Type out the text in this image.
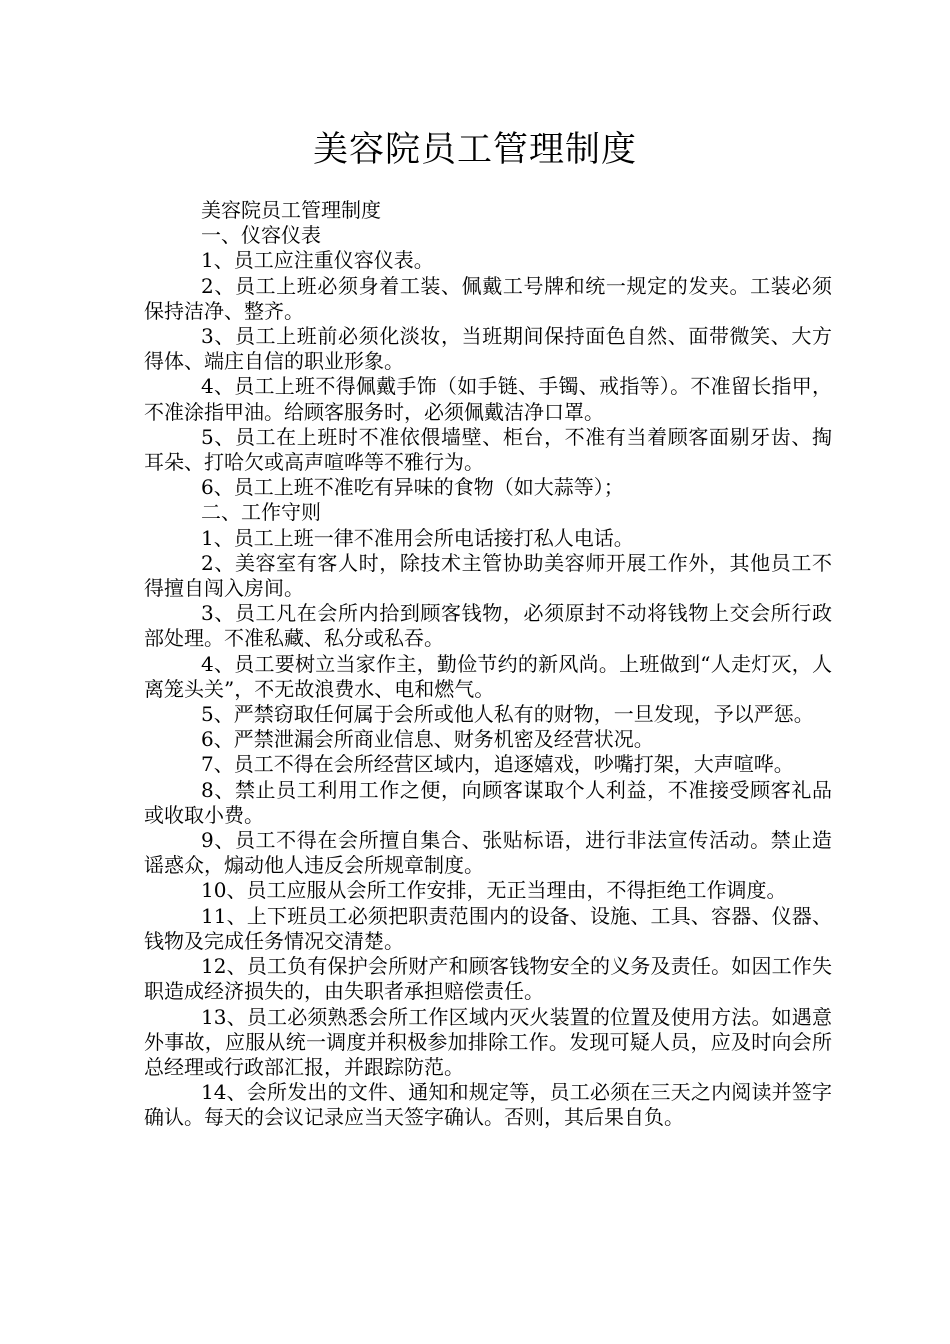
美容院员工管理制度

美容院员工管理制度

一、仪容仪表

1、员工应注重仪容仪表。

2、员工上班必须身着工装、佩戴工号牌和统一规定的发夹。工装必须保持洁净、整齐。

3、员工上班前必须化淡妆，当班期间保持面色自然、面带微笑、大方得体、端庄自信的职业形象。

4、员工上班不得佩戴手饰（如手链、手镯、戒指等）。不准留长指甲，不准涂指甲油。给顾客服务时，必须佩戴洁净口罩。

5、员工在上班时不准依偎墙壁、柜台，不准有当着顾客面剔牙齿、掏耳朵、打哈欠或高声喧哗等不雅行为。

6、员工上班不准吃有异味的食物（如大蒜等）；

二、工作守则

1、员工上班一律不准用会所电话接打私人电话。

2、美容室有客人时，除技术主管协助美容师开展工作外，其他员工不得擅自闯入房间。

3、员工凡在会所内拾到顾客钱物，必须原封不动将钱物上交会所行政部处理。不准私藏、私分或私吞。

4、员工要树立当家作主，勤俭节约的新风尚。上班做到“人走灯灭，人离笼头关”，不无故浪费水、电和燃气。

5、严禁窃取任何属于会所或他人私有的财物，一旦发现，予以严惩。

6、严禁泄漏会所商业信息、财务机密及经营状况。

7、员工不得在会所经营区域内，追逐嬉戏，吵嘴打架，大声喧哗。

8、禁止员工利用工作之便，向顾客谋取个人利益，不准接受顾客礼品或收取小费。

9、员工不得在会所擅自集合、张贴标语，进行非法宣传活动。禁止造谣惑众，煽动他人违反会所规章制度。

10、员工应服从会所工作安排，无正当理由，不得拒绝工作调度。

11、上下班员工必须把职责范围内的设备、设施、工具、容器、仪器、钱物及完成任务情况交清楚。

12、员工负有保护会所财产和顾客钱物安全的义务及责任。如因工作失职造成经济损失的，由失职者承担赔偿责任。

13、员工必须熟悉会所工作区域内灭火装置的位置及使用方法。如遇意外事故，应服从统一调度并积极参加排除工作。发现可疑人员，应及时向会所总经理或行政部汇报，并跟踪防范。

14、会所发出的文件、通知和规定等，员工必须在三天之内阅读并签字确认。每天的会议记录应当天签字确认。否则，其后果自负。
